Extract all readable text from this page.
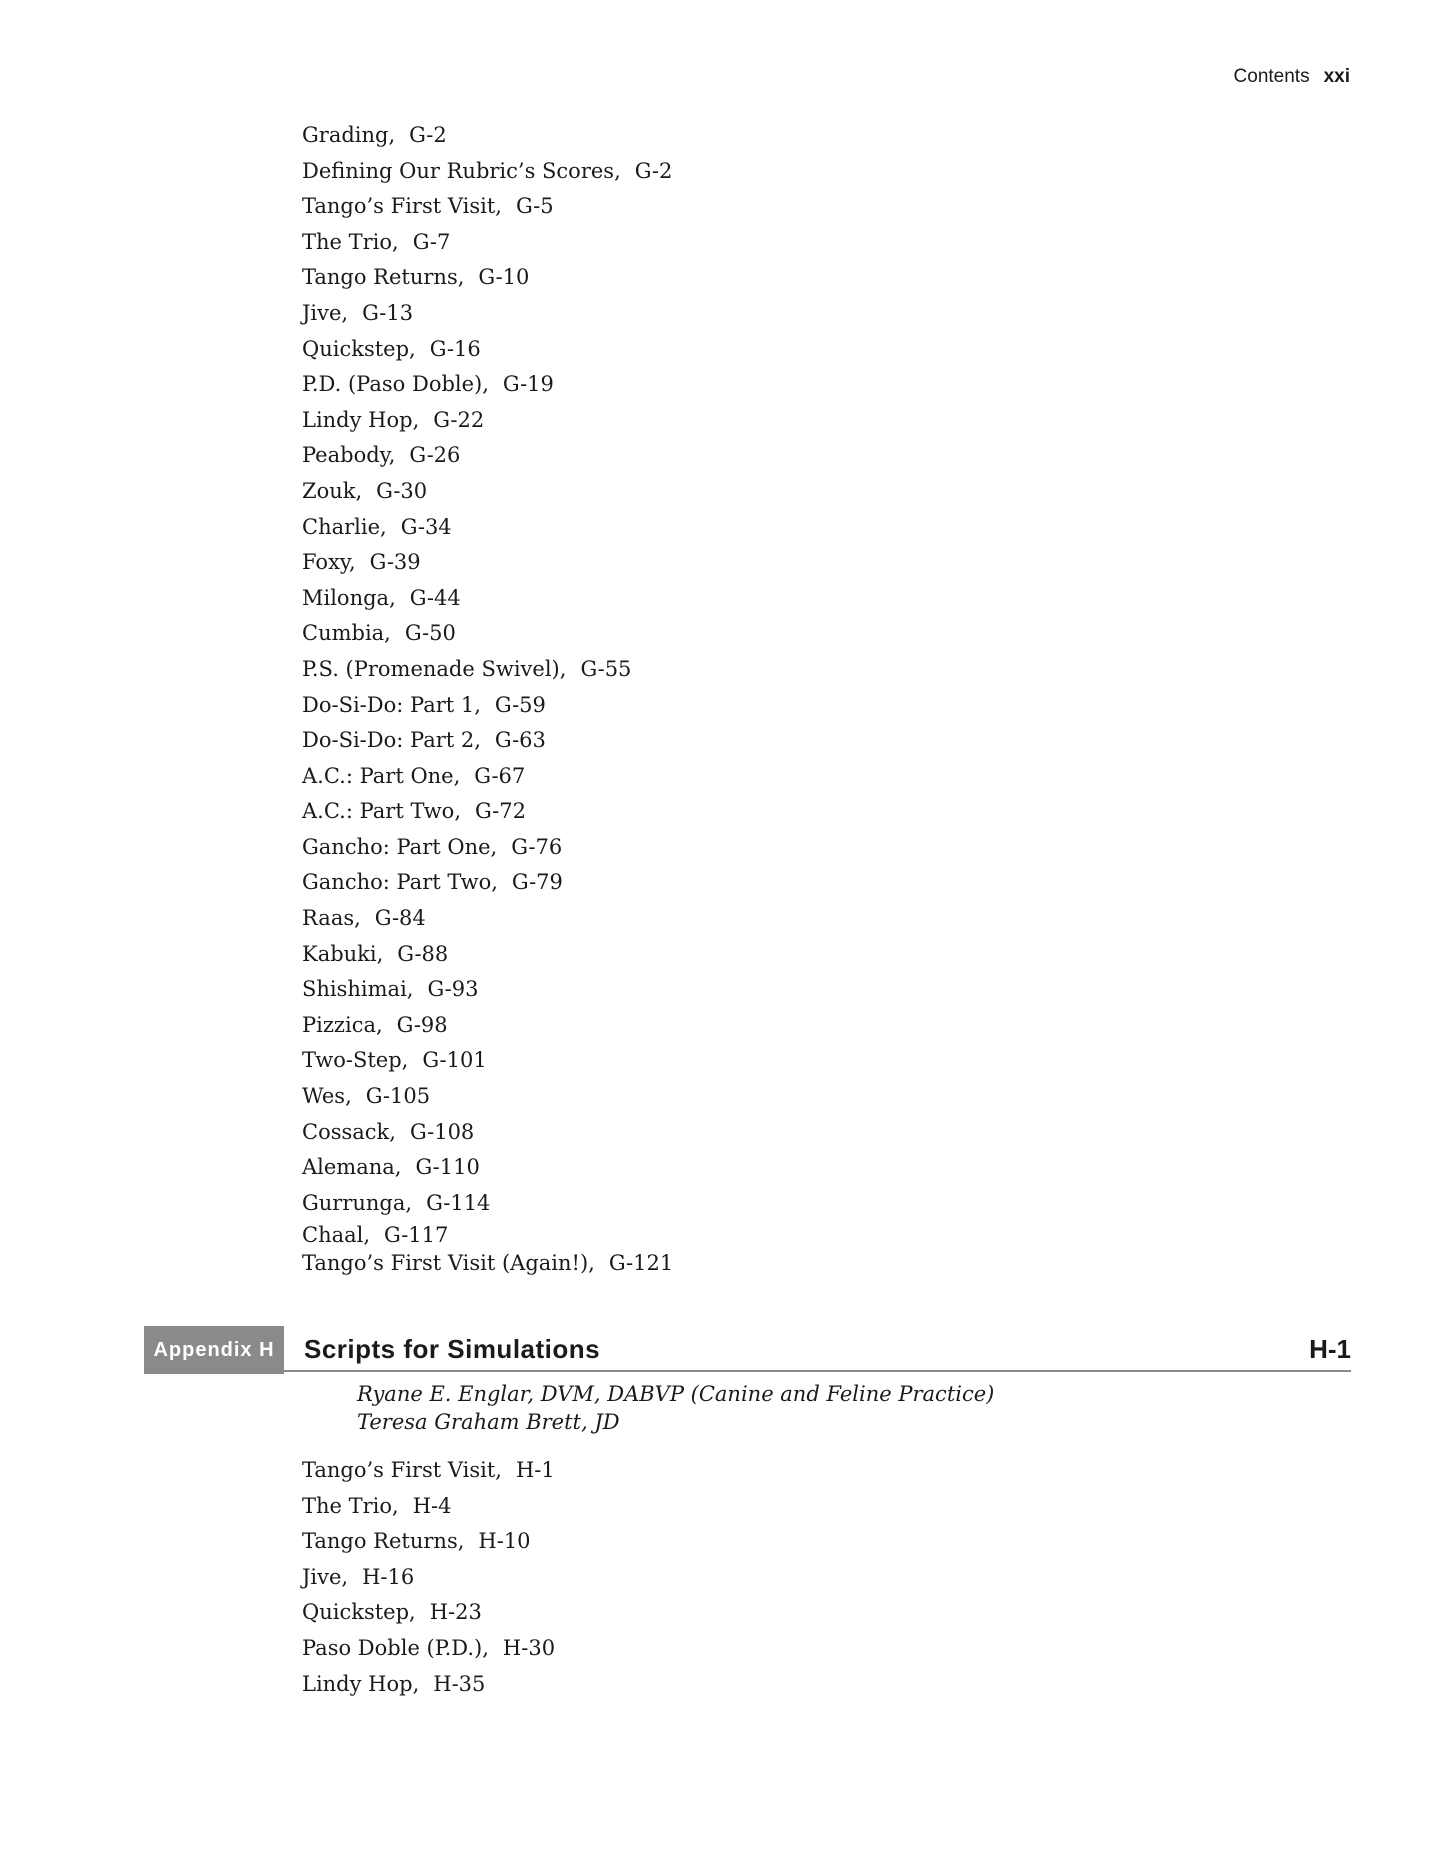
Contents xxi
Grading, G-2
Defining Our Rubric’s Scores, G-2
Tango’s First Visit, G-5
The Trio, G-7
Tango Returns, G-10
Jive, G-13
Quickstep, G-16
P.D. (Paso Doble), G-19
Lindy Hop, G-22
Peabody, G-26
Zouk, G-30
Charlie, G-34
Foxy, G-39
Milonga, G-44
Cumbia, G-50
P.S. (Promenade Swivel), G-55
Do-Si-Do: Part 1, G-59
Do-Si-Do: Part 2, G-63
A.C.: Part One, G-67
A.C.: Part Two, G-72
Gancho: Part One, G-76
Gancho: Part Two, G-79
Raas, G-84
Kabuki, G-88
Shishimai, G-93
Pizzica, G-98
Two-Step, G-101
Wes, G-105
Cossack, G-108
Alemana, G-110
Gurrunga, G-114
Chaal, G-117
Tango’s First Visit (Again!), G-121
Appendix H	Scripts for Simulations	H-1
Ryane E. Englar, DVM, DABVP (Canine and Feline Practice)
Teresa Graham Brett, JD
Tango’s First Visit, H-1
The Trio, H-4
Tango Returns, H-10
Jive, H-16
Quickstep, H-23
Paso Doble (P.D.), H-30
Lindy Hop, H-35
